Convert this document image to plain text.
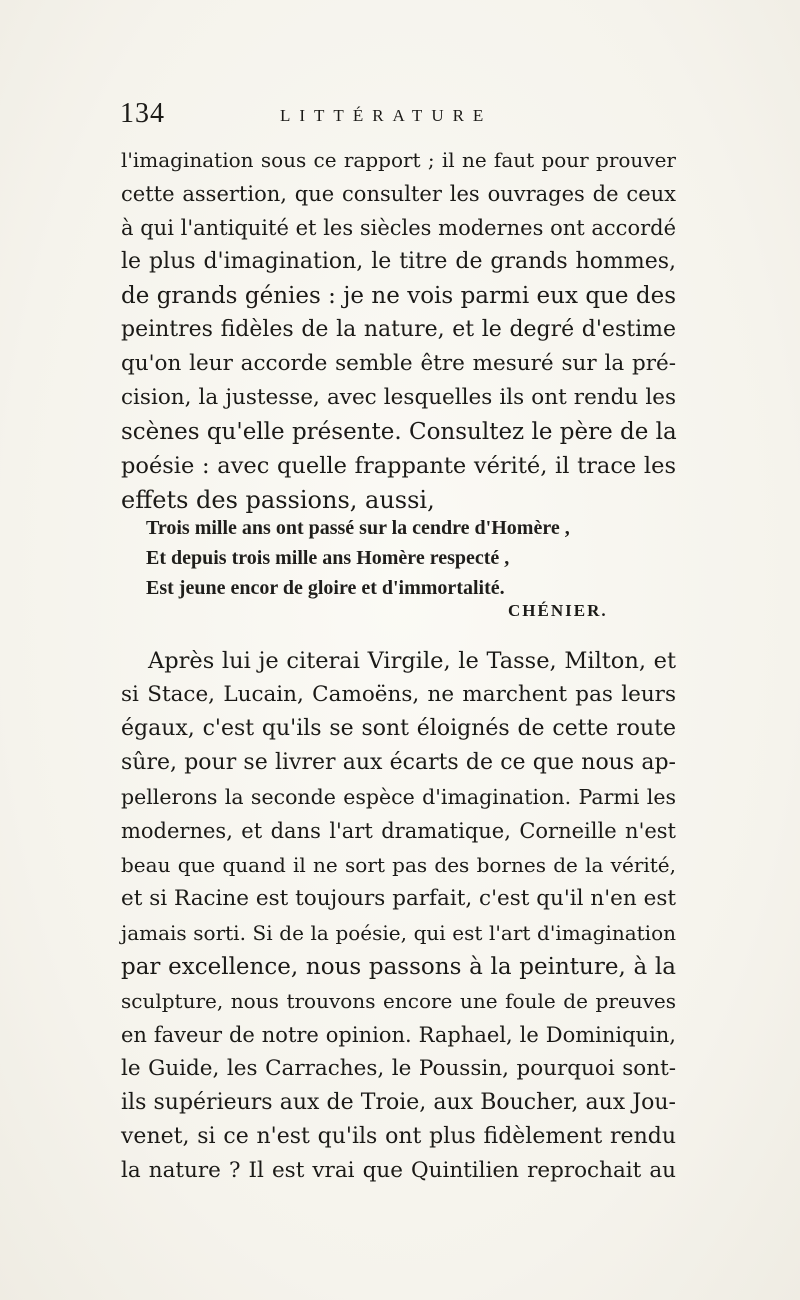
134	LITTÉRATURE
l'imagination sous ce rapport ; il ne faut pour prouver
cette assertion, que consulter les ouvrages de ceux
à qui l'antiquité et les siècles modernes ont accordé
le plus d'imagination, le titre de grands hommes,
de grands génies : je ne vois parmi eux que des
peintres fidèles de la nature, et le degré d'estime
qu'on leur accorde semble être mesuré sur la pré-
cision, la justesse, avec lesquelles ils ont rendu les
scènes qu'elle présente. Consultez le père de la
poésie : avec quelle frappante vérité, il trace les
effets des passions, aussi,
Trois mille ans ont passé sur la cendre d'Homère ,
Et depuis trois mille ans Homère respecté ,
Est jeune encor de gloire et d'immortalité.
CHÉNIER.
Après lui je citerai Virgile, le Tasse, Milton, et
si Stace, Lucain, Camoëns, ne marchent pas leurs
égaux, c'est qu'ils se sont éloignés de cette route
sûre, pour se livrer aux écarts de ce que nous ap-
pellerons la seconde espèce d'imagination. Parmi les
modernes, et dans l'art dramatique, Corneille n'est
beau que quand il ne sort pas des bornes de la vérité,
et si Racine est toujours parfait, c'est qu'il n'en est
jamais sorti. Si de la poésie, qui est l'art d'imagination
par excellence, nous passons à la peinture, à la
sculpture, nous trouvons encore une foule de preuves
en faveur de notre opinion. Raphael, le Dominiquin,
le Guide, les Carraches, le Poussin, pourquoi sont-
ils supérieurs aux de Troie, aux Boucher, aux Jou-
venet, si ce n'est qu'ils ont plus fidèlement rendu
la nature ? Il est vrai que Quintilien reprochait au
